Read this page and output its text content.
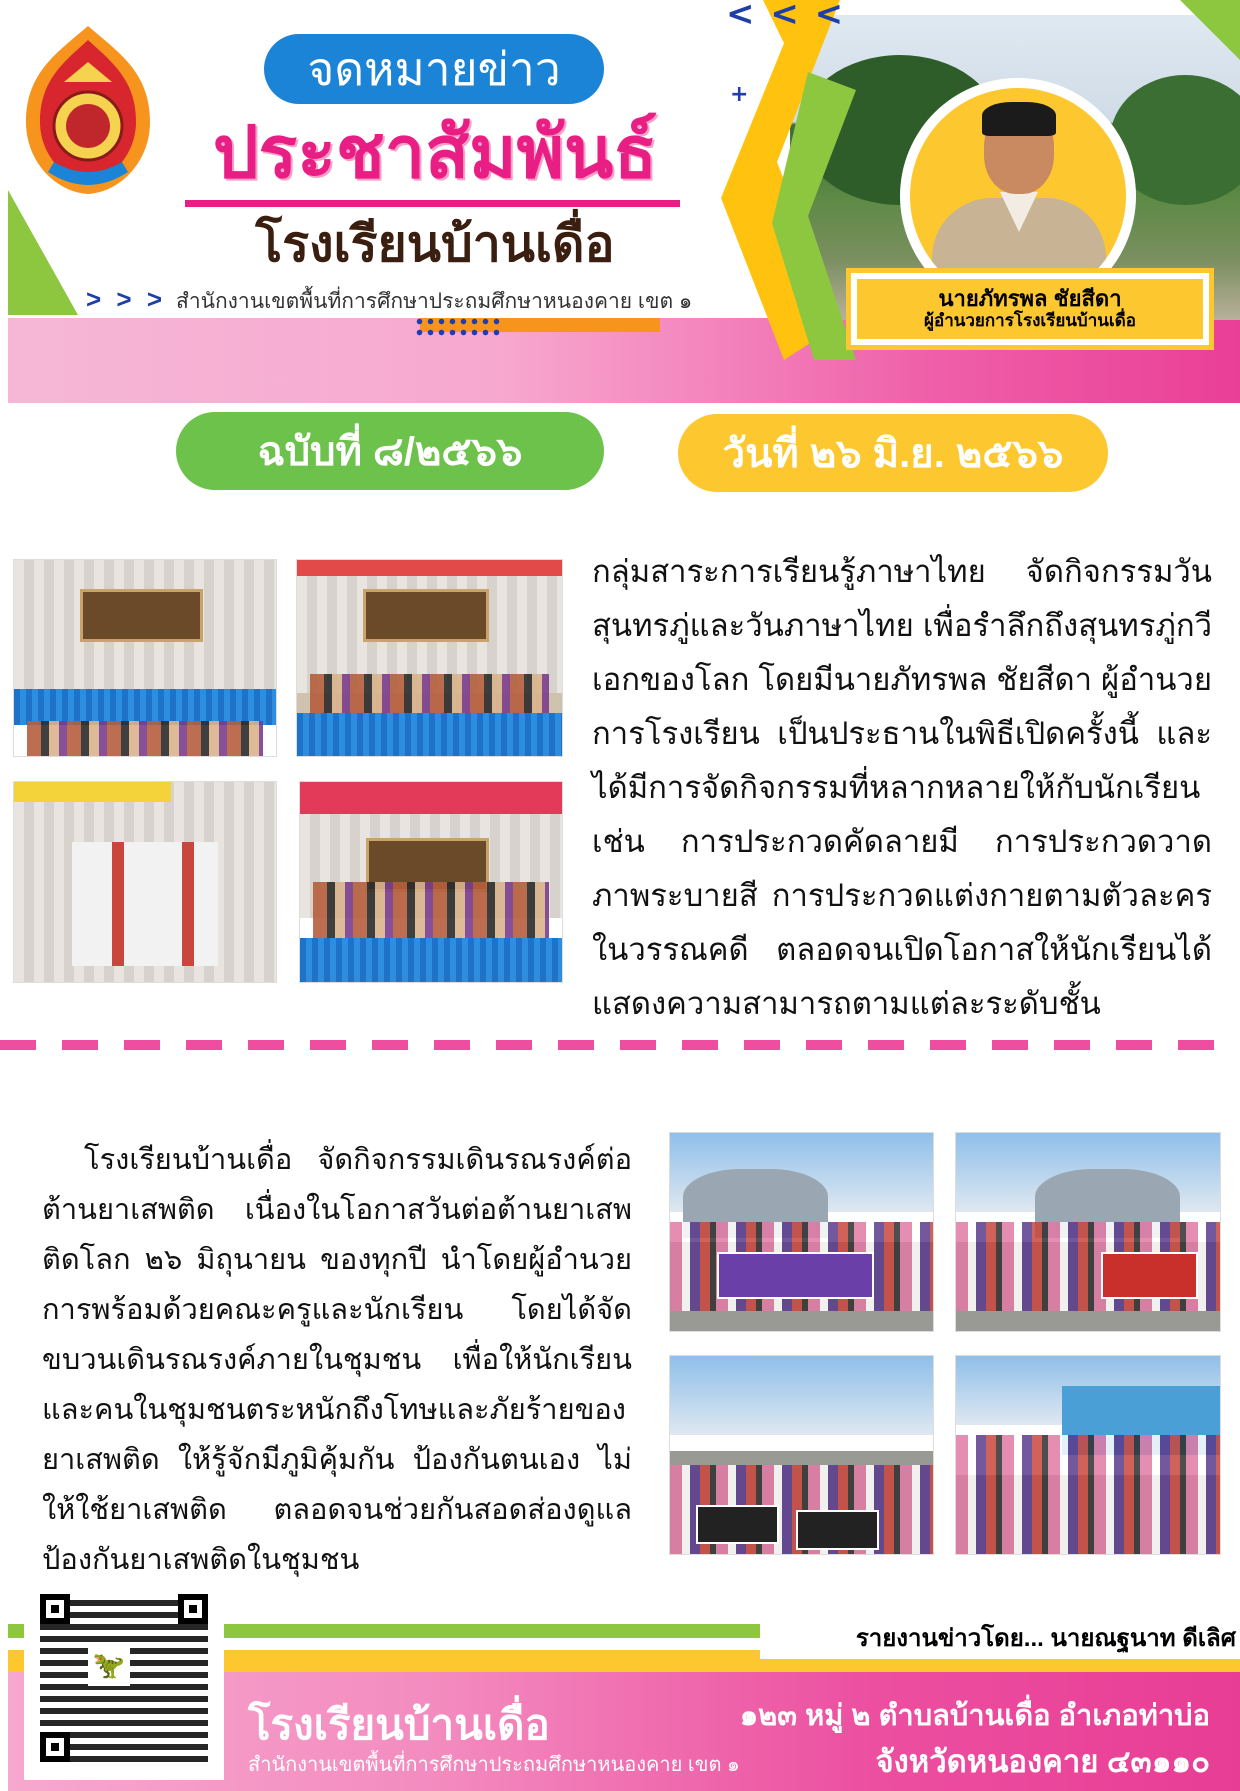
< < <
+
นายภัทรพล ชัยสีดา
ผู้อำนวยการโรงเรียนบ้านเดื่อ
จดหมายข่าว
ประชาสัมพันธ์
โรงเรียนบ้านเดื่อ
> > > สำนักงานเขตพื้นที่การศึกษาประถมศึกษาหนองคาย เขต ๑
ฉบับที่ ๘/๒๕๖๖	วันที่ ๒๖ มิ.ย. ๒๕๖๖
กลุ่มสาระการเรียนรู้ภาษาไทย จัดกิจกรรมวันสุนทรภู่และวันภาษาไทย เพื่อรำลึกถึงสุนทรภู่กวีเอกของโลก โดยมีนายภัทรพล ชัยสีดา ผู้อำนวยการโรงเรียน เป็นประธานในพิธีเปิดครั้งนี้ และได้มีการจัดกิจกรรมที่หลากหลายให้กับนักเรียน เช่น การประกวดคัดลายมี การประกวดวาดภาพระบายสี การประกวดแต่งกายตามตัวละครในวรรณคดี ตลอดจนเปิดโอกาสให้นักเรียนได้แสดงความสามารถตามแต่ละระดับชั้น
โรงเรียนบ้านเดื่อ จัดกิจกรรมเดินรณรงค์ต่อต้านยาเสพติด เนื่องในโอกาสวันต่อต้านยาเสพติดโลก ๒๖ มิถุนายน ของทุกปี นำโดยผู้อำนวยการพร้อมด้วยคณะครูและนักเรียน โดยได้จัดขบวนเดินรณรงค์ภายในชุมชน เพื่อให้นักเรียนและคนในชุมชนตระหนักถึงโทษและภัยร้ายของยาเสพติด ให้รู้จักมีภูมิคุ้มกัน ป้องกันตนเอง ไม่ให้ใช้ยาเสพติด ตลอดจนช่วยกันสอดส่องดูแล ป้องกันยาเสพติดในชุมชน
รายงานข่าวโดย... นายณฐนาท ดีเลิศ
🦖
โรงเรียนบ้านเดื่อ
สำนักงานเขตพื้นที่การศึกษาประถมศึกษาหนองคาย เขต ๑
๑๒๓ หมู่ ๒ ตำบลบ้านเดื่อ อำเภอท่าบ่อ
จังหวัดหนองคาย ๔๓๑๑๐
